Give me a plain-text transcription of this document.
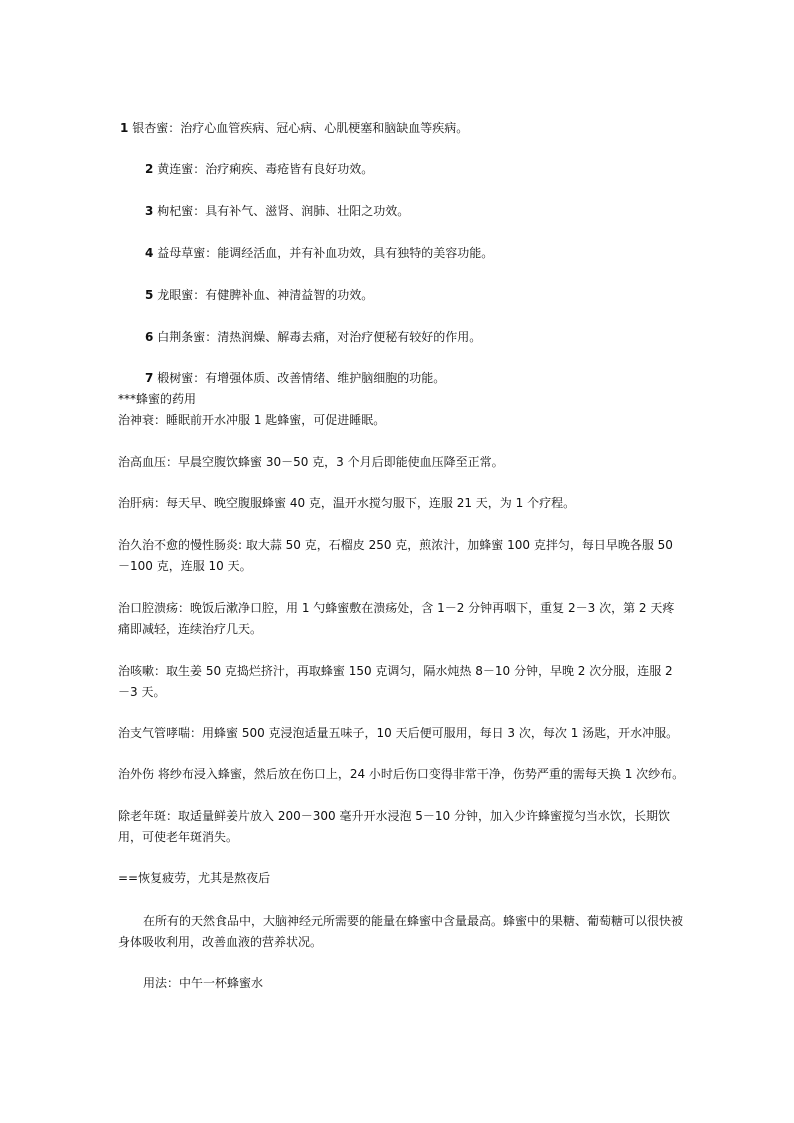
1 银杏蜜：治疗心血管疾病、冠心病、心肌梗塞和脑缺血等疾病。
2 黄连蜜：治疗痢疾、毒疮皆有良好功效。
3 枸杞蜜：具有补气、滋肾、润肺、壮阳之功效。
4 益母草蜜：能调经活血，并有补血功效，具有独特的美容功能。
5 龙眼蜜：有健脾补血、神清益智的功效。
6 白荆条蜜：清热润燥、解毒去痛，对治疗便秘有较好的作用。
7 椴树蜜：有增强体质、改善情绪、维护脑细胞的功能。
***蜂蜜的药用
治神衰：睡眠前开水冲服 1 匙蜂蜜，可促进睡眠。
治高血压：早晨空腹饮蜂蜜 30－50 克，3 个月后即能使血压降至正常。
治肝病：每天早、晚空腹服蜂蜜 40 克，温开水搅匀服下，连服 21 天，为 1 个疗程。
治久治不愈的慢性肠炎: 取大蒜 50 克，石榴皮 250 克，煎浓汁，加蜂蜜 100 克拌匀，每日早晚各服 50－100 克，连服 10 天。
治口腔溃疡：晚饭后漱净口腔，用 1 勺蜂蜜敷在溃疡处，含 1－2 分钟再咽下，重复 2－3 次，第 2 天疼痛即减轻，连续治疗几天。
治咳嗽：取生姜 50 克捣烂挤汁，再取蜂蜜 150 克调匀，隔水炖热 8－10 分钟，早晚 2 次分服，连服 2－3 天。
治支气管哮喘：用蜂蜜 500 克浸泡适量五味子，10 天后便可服用，每日 3 次，每次 1 汤匙，开水冲服。
治外伤 将纱布浸入蜂蜜，然后放在伤口上，24 小时后伤口变得非常干净，伤势严重的需每天换 1 次纱布。
除老年斑：取适量鲜姜片放入 200－300 毫升开水浸泡 5－10 分钟，加入少许蜂蜜搅匀当水饮，长期饮用，可使老年斑消失。
==恢复疲劳，尤其是熬夜后
在所有的天然食品中，大脑神经元所需要的能量在蜂蜜中含量最高。蜂蜜中的果糖、葡萄糖可以很快被身体吸收利用，改善血液的营养状况。
用法：中午一杯蜂蜜水
